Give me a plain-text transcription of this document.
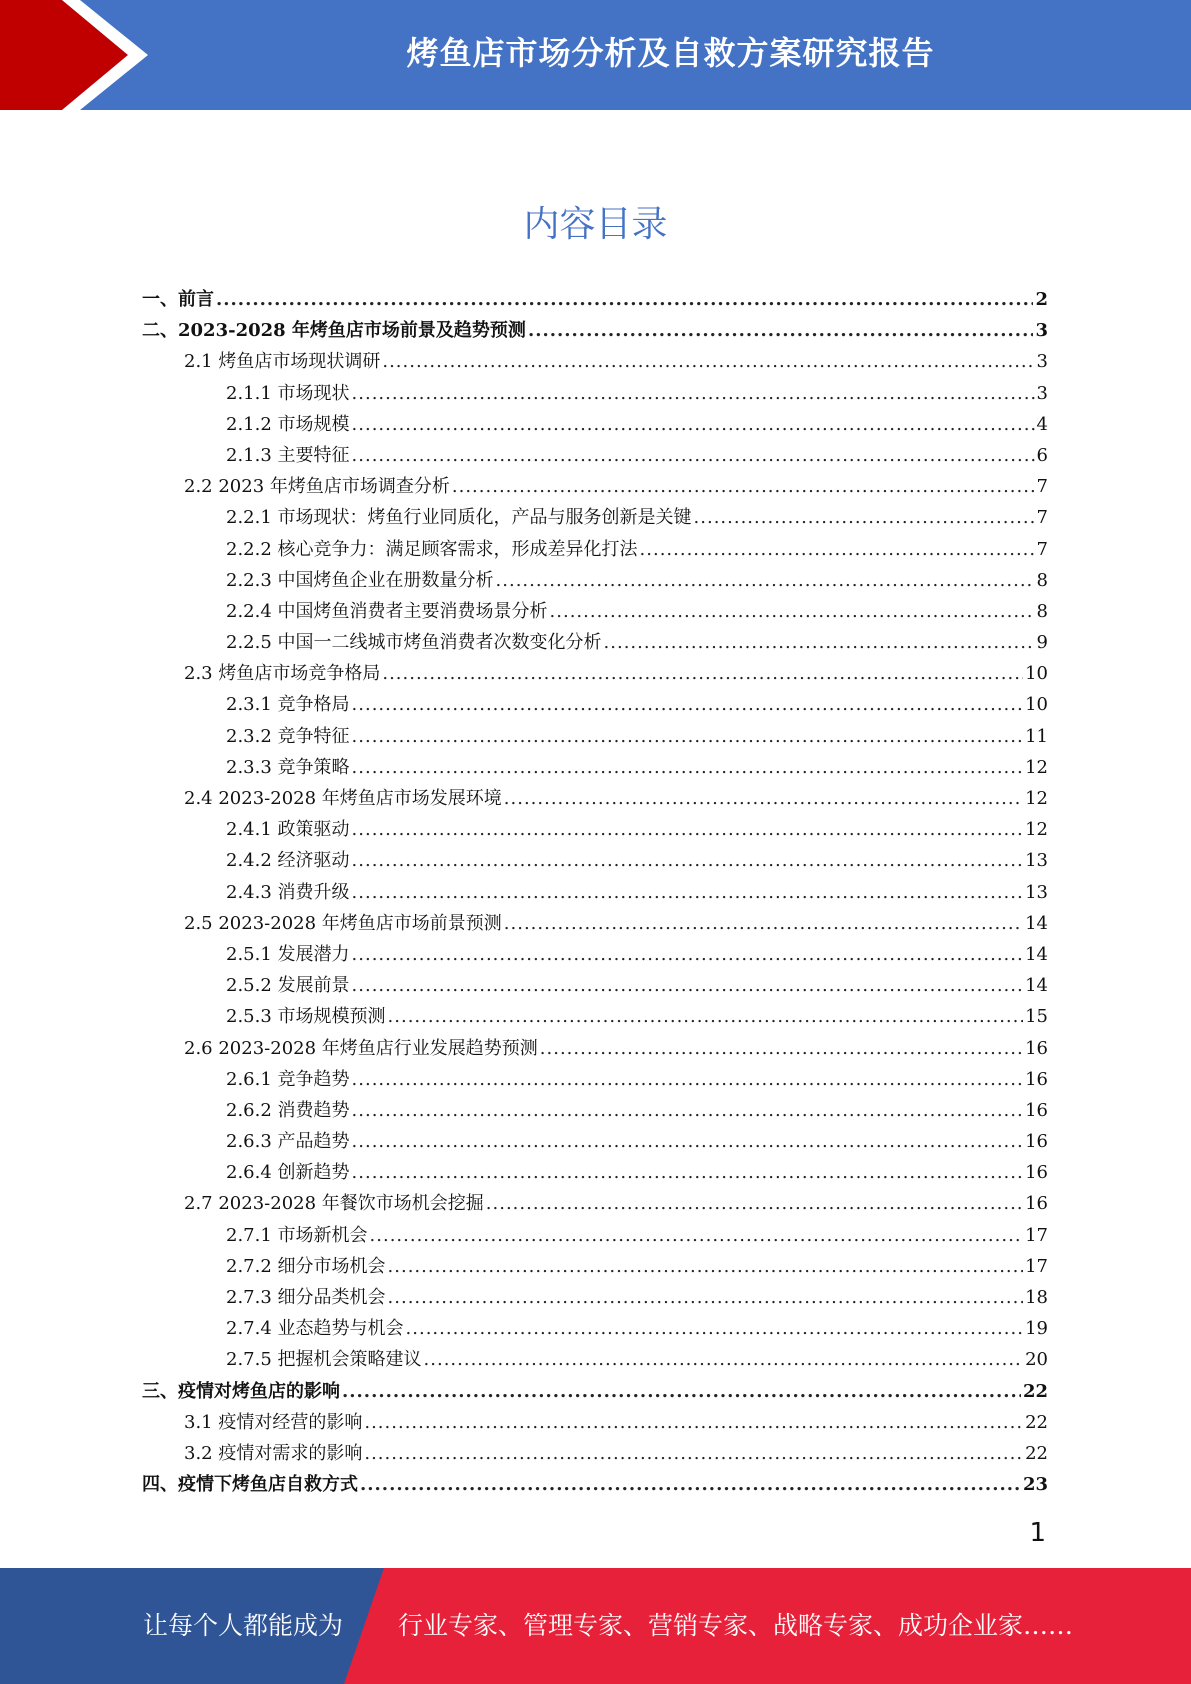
烤鱼店市场分析及自救方案研究报告
内容目录
一、前言 .....	2
二、2023-2028 年烤鱼店市场前景及趋势预测 .....	3
2.1 烤鱼店市场现状调研 .....	3
2.1.1 市场现状 .....	3
2.1.2 市场规模 .....	4
2.1.3 主要特征 .....	6
2.2 2023 年烤鱼店市场调查分析 .....	7
2.2.1 市场现状：烤鱼行业同质化，产品与服务创新是关键 .....	7
2.2.2 核心竞争力：满足顾客需求，形成差异化打法 .....	7
2.2.3 中国烤鱼企业在册数量分析 .....	8
2.2.4 中国烤鱼消费者主要消费场景分析 .....	8
2.2.5 中国一二线城市烤鱼消费者次数变化分析 .....	9
2.3 烤鱼店市场竞争格局 .....	10
2.3.1 竞争格局 .....	10
2.3.2 竞争特征 .....	11
2.3.3 竞争策略 .....	12
2.4 2023-2028 年烤鱼店市场发展环境 .....	12
2.4.1 政策驱动 .....	12
2.4.2 经济驱动 .....	13
2.4.3 消费升级 .....	13
2.5 2023-2028 年烤鱼店市场前景预测 .....	14
2.5.1 发展潜力 .....	14
2.5.2 发展前景 .....	14
2.5.3 市场规模预测 .....	15
2.6 2023-2028 年烤鱼店行业发展趋势预测 .....	16
2.6.1 竞争趋势 .....	16
2.6.2 消费趋势 .....	16
2.6.3 产品趋势 .....	16
2.6.4 创新趋势 .....	16
2.7 2023-2028 年餐饮市场机会挖掘 .....	16
2.7.1 市场新机会 .....	17
2.7.2 细分市场机会 .....	17
2.7.3 细分品类机会 .....	18
2.7.4 业态趋势与机会 .....	19
2.7.5 把握机会策略建议 .....	20
三、疫情对烤鱼店的影响 .....	22
3.1 疫情对经营的影响 .....	22
3.2 疫情对需求的影响 .....	22
四、疫情下烤鱼店自救方式 .....	23
1
让每个人都能成为 行业专家、管理专家、营销专家、战略专家、成功企业家……
